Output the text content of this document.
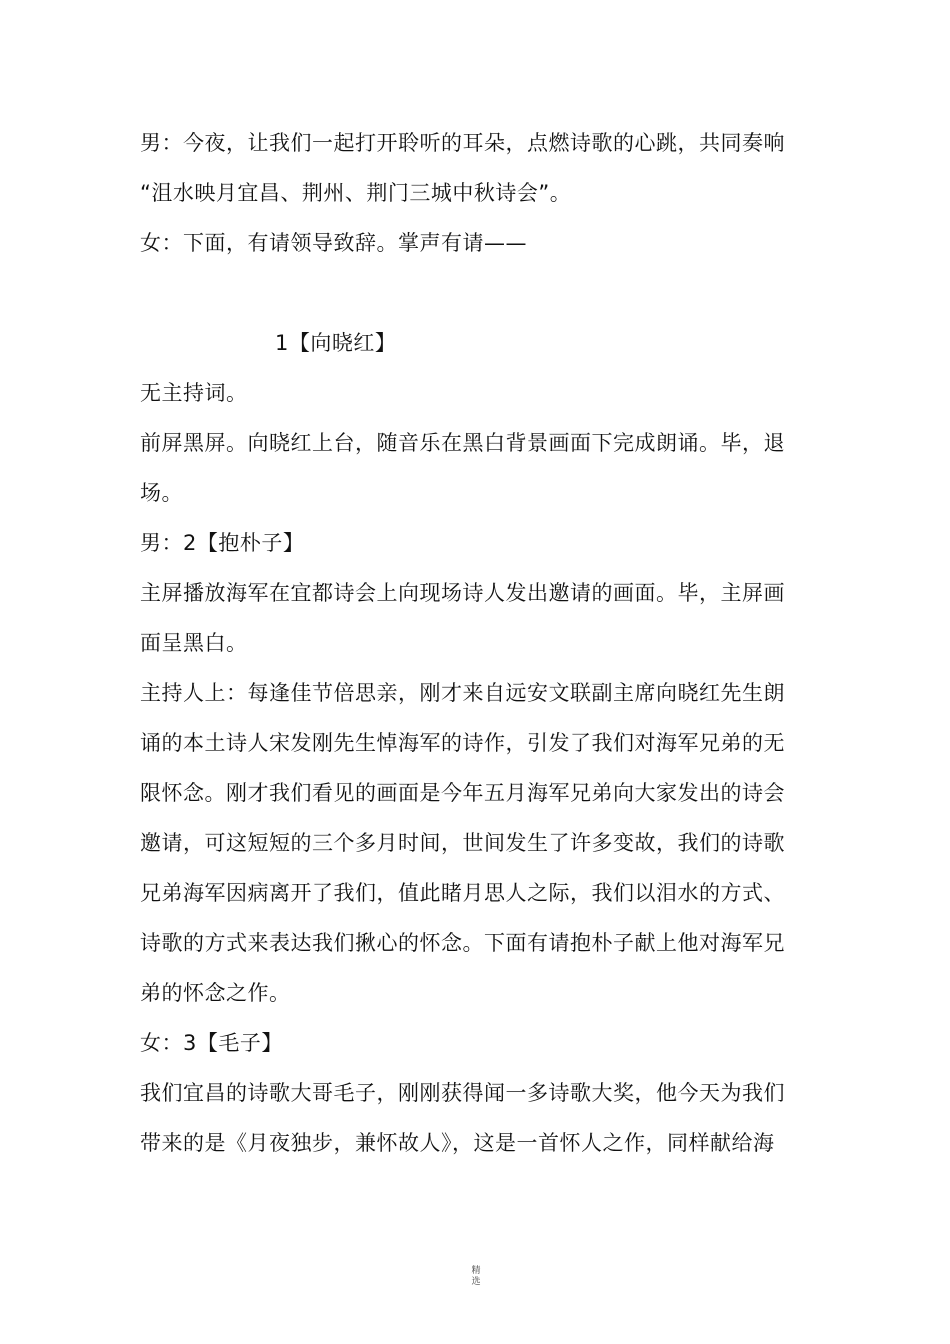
男：今夜，让我们一起打开聆听的耳朵，点燃诗歌的心跳，共同奏响
“沮水映月宜昌、荆州、荆门三城中秋诗会”。
女：下面，有请领导致辞。掌声有请——
1【向晓红】
无主持词。
前屏黑屏。向晓红上台，随音乐在黑白背景画面下完成朗诵。毕，退
场。
男：2【抱朴子】
主屏播放海军在宜都诗会上向现场诗人发出邀请的画面。毕，主屏画
面呈黑白。
主持人上：每逢佳节倍思亲，刚才来自远安文联副主席向晓红先生朗
诵的本土诗人宋发刚先生悼海军的诗作，引发了我们对海军兄弟的无
限怀念。刚才我们看见的画面是今年五月海军兄弟向大家发出的诗会
邀请，可这短短的三个多月时间，世间发生了许多变故，我们的诗歌
兄弟海军因病离开了我们，值此睹月思人之际，我们以泪水的方式、
诗歌的方式来表达我们揪心的怀念。下面有请抱朴子献上他对海军兄
弟的怀念之作。
女：3【毛子】
我们宜昌的诗歌大哥毛子，刚刚获得闻一多诗歌大奖，他今天为我们
带来的是《月夜独步，兼怀故人》，这是一首怀人之作，同样献给海
精
选
